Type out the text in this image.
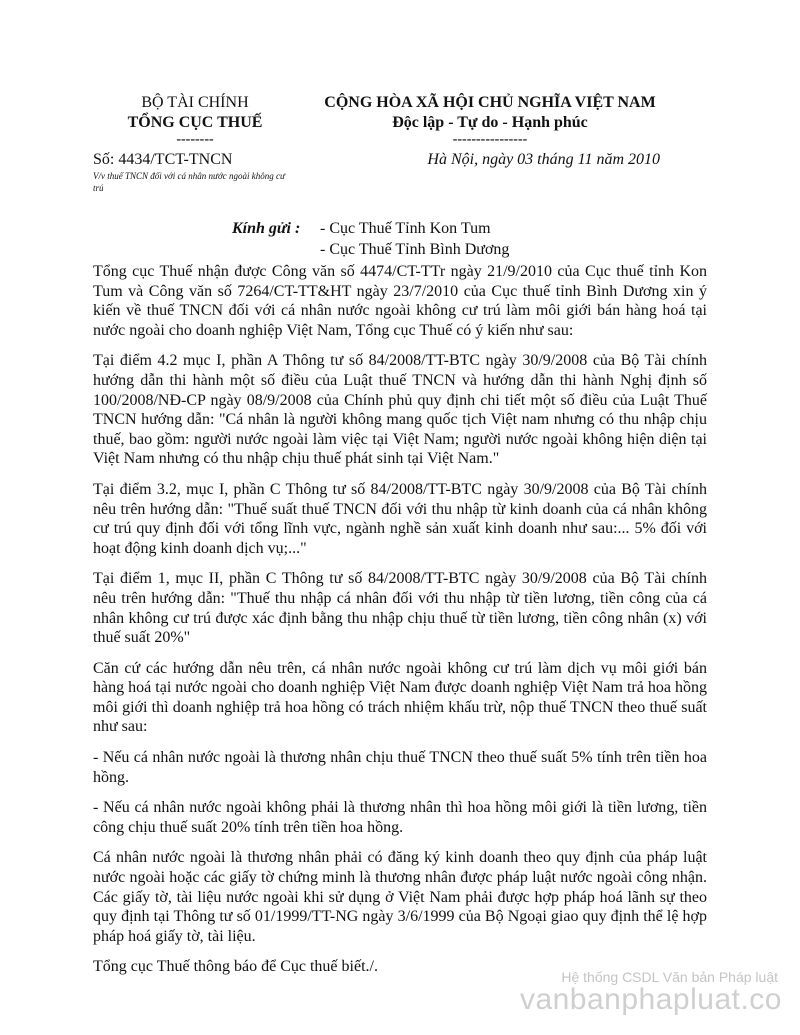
BỘ TÀI CHÍNH
TỔNG CỤC THUẾ
--------
CỘNG HÒA XÃ HỘI CHỦ NGHĨA VIỆT NAM
Độc lập - Tự do - Hạnh phúc
----------------
Số: 4434/TCT-TNCN
V/v thuế TNCN đối với cá nhân nước ngoài không cư trú
Hà Nội, ngày 03 tháng 11 năm 2010
Kính gửi : - Cục Thuế Tỉnh Kon Tum
- Cục Thuế Tỉnh Bình Dương

Tổng cục Thuế nhận được Công văn số 4474/CT-TTr ngày 21/9/2010 của Cục thuế tỉnh Kon Tum và Công văn số 7264/CT-TT&HT ngày 23/7/2010 của Cục thuế tỉnh Bình Dương xin ý kiến về thuế TNCN đối với cá nhân nước ngoài không cư trú làm môi giới bán hàng hoá tại nước ngoài cho doanh nghiệp Việt Nam, Tổng cục Thuế có ý kiến như sau:

Tại điểm 4.2 mục I, phần A Thông tư số 84/2008/TT-BTC ngày 30/9/2008 của Bộ Tài chính hướng dẫn thi hành một số điều của Luật thuế TNCN và hướng dẫn thi hành Nghị định số 100/2008/NĐ-CP ngày 08/9/2008 của Chính phủ quy định chi tiết một số điều của Luật Thuế TNCN hướng dẫn: "Cá nhân là người không mang quốc tịch Việt nam nhưng có thu nhập chịu thuế, bao gồm: người nước ngoài làm việc tại Việt Nam; người nước ngoài không hiện diện tại Việt Nam nhưng có thu nhập chịu thuế phát sinh tại Việt Nam."

Tại điểm 3.2, mục I, phần C Thông tư số 84/2008/TT-BTC ngày 30/9/2008 của Bộ Tài chính nêu trên hướng dẫn: "Thuế suất thuế TNCN đối với thu nhập từ kinh doanh của cá nhân không cư trú quy định đối với tổng lĩnh vực, ngành nghề sản xuất kinh doanh như sau:... 5% đối với hoạt động kinh doanh dịch vụ;..."

Tại điểm 1, mục II, phần C Thông tư số 84/2008/TT-BTC ngày 30/9/2008 của Bộ Tài chính nêu trên hướng dẫn: "Thuế thu nhập cá nhân đối với thu nhập từ tiền lương, tiền công của cá nhân không cư trú được xác định bằng thu nhập chịu thuế từ tiền lương, tiền công nhân (x) với thuế suất 20%"

Căn cứ các hướng dẫn nêu trên, cá nhân nước ngoài không cư trú làm dịch vụ môi giới bán hàng hoá tại nước ngoài cho doanh nghiệp Việt Nam được doanh nghiệp Việt Nam trả hoa hồng môi giới thì doanh nghiệp trả hoa hồng có trách nhiệm khấu trừ, nộp thuế TNCN theo thuế suất như sau:

- Nếu cá nhân nước ngoài là thương nhân chịu thuế TNCN theo thuế suất 5% tính trên tiền hoa hồng.

- Nếu cá nhân nước ngoài không phải là thương nhân thì hoa hồng môi giới là tiền lương, tiền công chịu thuế suất 20% tính trên tiền hoa hồng.

Cá nhân nước ngoài là thương nhân phải có đăng ký kinh doanh theo quy định của pháp luật nước ngoài hoặc các giấy tờ chứng minh là thương nhân được pháp luật nước ngoài công nhận. Các giấy tờ, tài liệu nước ngoài khi sử dụng ở Việt Nam phải được hợp pháp hoá lãnh sự theo quy định tại Thông tư số 01/1999/TT-NG ngày 3/6/1999 của Bộ Ngoại giao quy định thể lệ hợp pháp hoá giấy tờ, tài liệu.

Tổng cục Thuế thông báo để Cục thuế biết./.

Hệ thống CSDL Văn bản Pháp luật
vanbanphapluat.co
